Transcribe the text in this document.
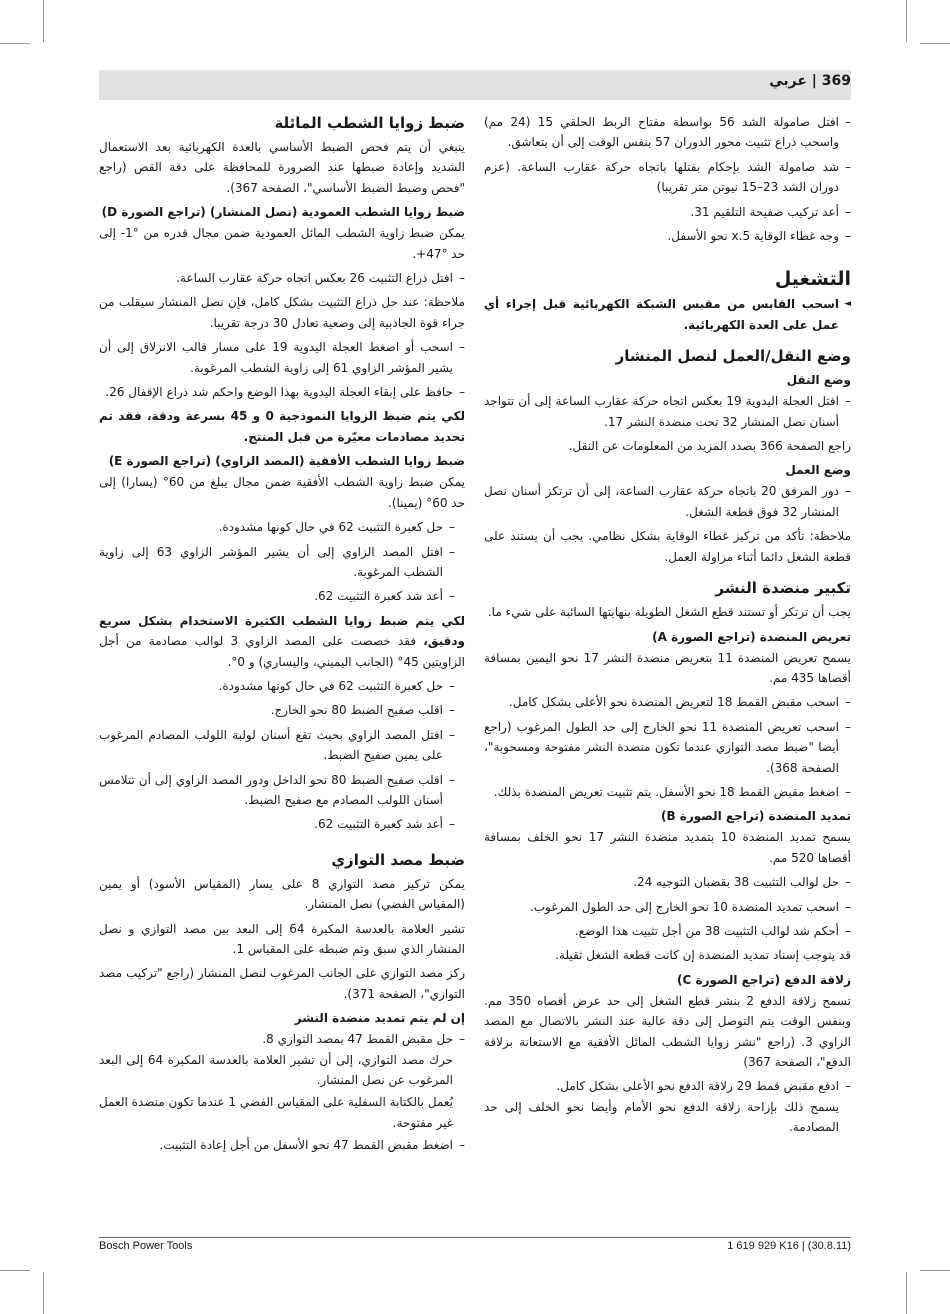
369 | عربي
– افتل صامولة الشد 56 بواسطة مفتاح الربط الحلقي 15 (24 مم) واسحب ذراع تثبيت محور الدوران 57 بنفس الوقت إلى أن يتعاشق.
– شد صامولة الشد بإحكام بفتلها باتجاه حركة عقارب الساعة. (عزم دوران الشد 23–15 نيوتن متر تقريبا)
– أعد تركيب صفيحة التلقيم 31.
– وجه غطاء الوقاية 5.x نحو الأسفل.
التشغيل
◄ اسحب القابس من مقبس الشبكة الكهربائية قبل إجراء أي عمل على العدة الكهربائية.
وضع النقل/العمل لنصل المنشار
وضع النقل
– افتل العجلة اليدوية 19 بعكس اتجاه حركة عقارب الساعة إلى أن تتواجد أسنان نصل المنشار 32 تحت منضدة النشر 17.
راجع الصفحة 366 بصدد المزيد من المعلومات عن النقل.
وضع العمل
– دور المرفق 20 باتجاه حركة عقارب الساعة، إلى أن ترتكز أسنان نصل المنشار 32 فوق قطعة الشغل.
ملاحظة: تأكد من تركيز غطاء الوقاية بشكل نظامي. يجب أن يستند على قطعة الشغل دائما أثناء مزاولة العمل.
تكبير منضدة النشر
يجب أن ترتكز أو تستند قطع الشغل الطويلة بنهايتها السائبة على شيء ما.
تعريض المنضدة (تراجع الصورة A)
يسمح تعريض المنضدة 11 بتعريض منضدة النشر 17 نحو اليمين بمسافة أقصاها 435 مم.
– اسحب مقبض القمط 18 لتعريض المنضدة نحو الأعلى بشكل كامل.
– اسحب تعريض المنضدة 11 نحو الخارج إلى حد الطول المرغوب (راجع أيضا "ضبط مصد التوازي عندما تكون منضدة النشر مفتوحة ومسحوبة"، الصفحة 368).
– اضغط مقبض القمط 18 نحو الأسفل. يتم تثبيت تعريض المنضدة بذلك.
تمديد المنضدة (تراجع الصورة B)
يسمح تمديد المنضدة 10 بتمديد منضدة النشر 17 نحو الخلف بمسافة أقصاها 520 مم.
– حل لوالب التثبيت 38 بقضبان التوجيه 24.
– اسحب تمديد المنضدة 10 نحو الخارج إلى حد الطول المرغوب.
– أحكم شد لوالب التثبيت 38 من أجل تثبيت هذا الوضع.
قد يتوجب إسناد تمديد المنضدة إن كانت قطعة الشغل ثقيلة.
زلاقة الدفع (تراجع الصورة C)
تسمح زلاقة الدفع 2 بنشر قطع الشغل إلى حد عرض أقصاه 350 مم. وبنفس الوقت يتم التوصل إلى دقة عالية عند النشر بالاتصال مع المصد الزاوي 3. (راجع "نشر زوايا الشطب المائل الأفقية مع الاستعانة بزلاقة الدفع"، الصفحة 367)
– ادفع مقبض قمط 29 زلاقة الدفع نحو الأعلى بشكل كامل.
يسمح ذلك بإزاحة زلاقة الدفع نحو الأمام وأيضا نحو الخلف إلى حد المصادمة.
ضبط زوايا الشطب المائلة
ينبغي أن يتم فحص الضبط الأساسي بالعدة الكهربائية بعد الاستعمال الشديد وإعادة ضبطها عند الضرورة للمحافظة على دقة القص (راجع "فحص وضبط الضبط الأساسي"، الصفحة 367).
ضبط زوايا الشطب العمودية (نصل المنشار) (تراجع الصورة D)
يمكن ضبط زاوية الشطب المائل العمودية ضمن مجال قدره من ‎-1°‎ إلى حد ‎+47°‎.
– افتل ذراع التثبيت 26 بعكس اتجاه حركة عقارب الساعة.
ملاحظة: عند حل ذراع التثبيت بشكل كامل، فإن نصل المنشار سيقلب من جراء قوة الجاذبية إلى وضعية تعادل 30 درجة تقريبا.
– اسحب أو اضغط العجلة اليدوية 19 على مسار قالب الانزلاق إلى أن يشير المؤشر الزاوي 61 إلى زاوية الشطب المرغوبة.
– حافظ على إبقاء العجلة اليدوية بهذا الوضع واحكم شد ذراع الإقفال 26.
لكي يتم ضبط الزوايا النموذجية 0 و 45 بسرعة ودقة، فقد تم تحديد مصادمات معيّرة من قبل المنتج.
ضبط زوايا الشطب الأفقية (المصد الزاوي) (تراجع الصورة E)
يمكن ضبط زاوية الشطب الأفقية ضمن مجال يبلغ من 60° (يسارا) إلى حد 60° (يمينا).
– حل كعبرة التثبيت 62 في حال كونها مشدودة.
– افتل المصد الزاوي إلى أن يشير المؤشر الزاوي 63 إلى زاوية الشطب المرغوبة.
– أعد شد كعبرة التثبيت 62.
لكي يتم ضبط زوايا الشطب الكثيرة الاستخدام بشكل سريع ودقيق، فقد خصصت على المصد الزاوي 3 لوالب مصادمة من أجل الزاويتين 45° (الجانب اليميني، واليساري) و 0°.
– حل كعبرة التثبيت 62 في حال كونها مشدودة.
– اقلب صفيح الضبط 80 نحو الخارج.
– افتل المصد الزاوي بحيث تقع أسنان لولبة اللولب المصادم المرغوب على يمين صفيح الضبط.
– اقلب صفيح الضبط 80 نحو الداخل ودور المصد الزاوي إلى أن تتلامس أسنان اللولب المصادم مع صفيح الضبط.
– أعد شد كعبرة التثبيت 62.
ضبط مصد التوازي
يمكن تركيز مصد التوازي 8 على يسار (المقياس الأسود) أو يمين (المقياس الفضي) نصل المنشار.
تشير العلامة بالعدسة المكبرة 64 إلى البعد بين مصد التوازي و نصل المنشار الذي سبق وتم ضبطه على المقياس 1.
ركز مصد التوازي على الجانب المرغوب لنصل المنشار (راجع "تركيب مصد التوازي"، الصفحة 371).
إن لم يتم تمديد منضدة النشر
– حل مقبض القمط 47 بمصد التوازي 8.
حرك مصد التوازي، إلى أن تشير العلامة بالعدسة المكبرة 64 إلى البعد المرغوب عن نصل المنشار.
يُعمل بالكتابة السفلية على المقياس الفضي 1 عندما تكون منضدة العمل غير مفتوحة.
– اضغط مقبض القمط 47 نحو الأسفل من أجل إعادة التثبيت.
Bosch Power Tools	1 619 929 K16 | (30.8.11)
